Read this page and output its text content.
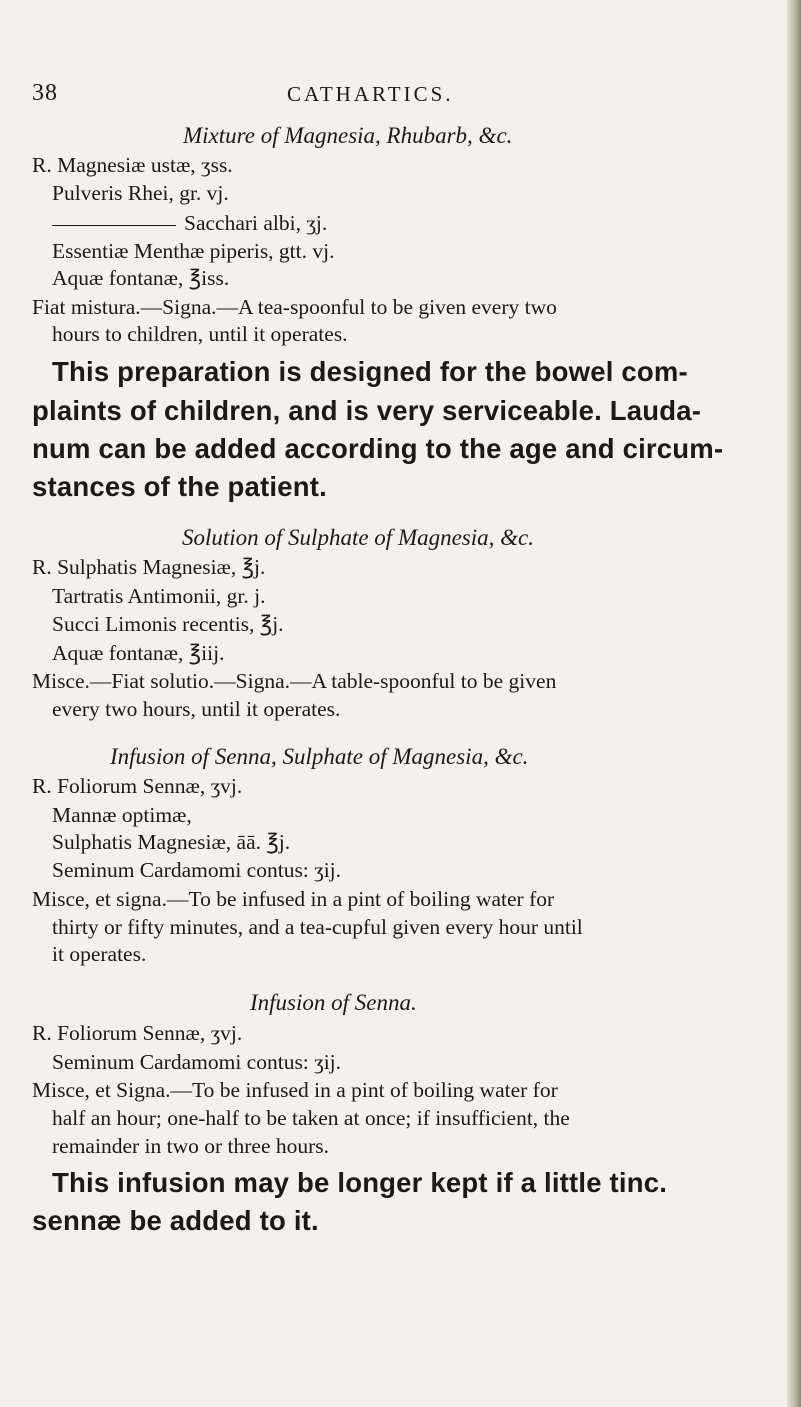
38	CATHARTICS.
Mixture of Magnesia, Rhubarb, &c.
R. Magnesiæ ustæ, ʒss.
Pulveris Rhei, gr. vj.
Sacchari albi, ʒj.
Essentiæ Menthæ piperis, gtt. vj.
Aquæ fontanæ, ℥iss.
Fiat mistura.—Signa.—A tea-spoonful to be given every two
hours to children, until it operates.
This preparation is designed for the bowel com-
plaints of children, and is very serviceable. Lauda-
num can be added according to the age and circum-
stances of the patient.
Solution of Sulphate of Magnesia, &c.
R. Sulphatis Magnesiæ, ℥j.
Tartratis Antimonii, gr. j.
Succi Limonis recentis, ℥j.
Aquæ fontanæ, ℥iij.
Misce.—Fiat solutio.—Signa.—A table-spoonful to be given
every two hours, until it operates.
Infusion of Senna, Sulphate of Magnesia, &c.
R. Foliorum Sennæ, ʒvj.
Mannæ optimæ,
Sulphatis Magnesiæ, āā. ℥j.
Seminum Cardamomi contus: ʒij.
Misce, et signa.—To be infused in a pint of boiling water for
thirty or fifty minutes, and a tea-cupful given every hour until
it operates.
Infusion of Senna.
R. Foliorum Sennæ, ʒvj.
Seminum Cardamomi contus: ʒij.
Misce, et Signa.—To be infused in a pint of boiling water for
half an hour; one-half to be taken at once; if insufficient, the
remainder in two or three hours.
This infusion may be longer kept if a little tinc.
sennæ be added to it.
